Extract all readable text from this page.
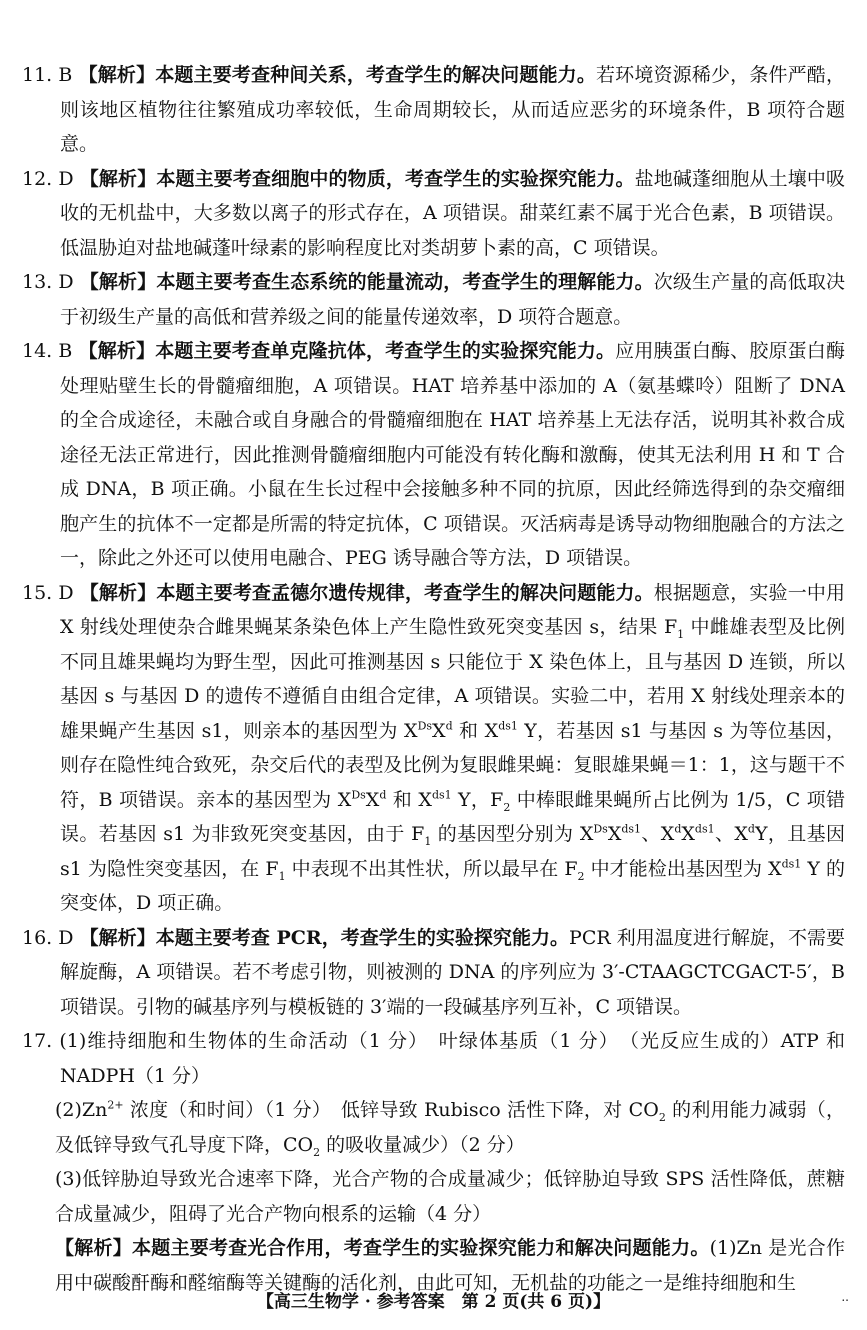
11. B 【解析】本题主要考查种间关系，考查学生的解决问题能力。若环境资源稀少，条件严酷，则该地区植物往往繁殖成功率较低，生命周期较长，从而适应恶劣的环境条件，B 项符合题意。

12. D 【解析】本题主要考查细胞中的物质，考查学生的实验探究能力。盐地碱蓬细胞从土壤中吸收的无机盐中，大多数以离子的形式存在，A 项错误。甜菜红素不属于光合色素，B 项错误。低温胁迫对盐地碱蓬叶绿素的影响程度比对类胡萝卜素的高，C 项错误。

13. D 【解析】本题主要考查生态系统的能量流动，考查学生的理解能力。次级生产量的高低取决于初级生产量的高低和营养级之间的能量传递效率，D 项符合题意。

14. B 【解析】本题主要考查单克隆抗体，考查学生的实验探究能力。应用胰蛋白酶、胶原蛋白酶处理贴壁生长的骨髓瘤细胞，A 项错误。HAT 培养基中添加的 A（氨基蝶呤）阻断了 DNA 的全合成途径，未融合或自身融合的骨髓瘤细胞在 HAT 培养基上无法存活，说明其补救合成途径无法正常进行，因此推测骨髓瘤细胞内可能没有转化酶和激酶，使其无法利用 H 和 T 合成 DNA，B 项正确。小鼠在生长过程中会接触多种不同的抗原，因此经筛选得到的杂交瘤细胞产生的抗体不一定都是所需的特定抗体，C 项错误。灭活病毒是诱导动物细胞融合的方法之一，除此之外还可以使用电融合、PEG 诱导融合等方法，D 项错误。

15. D 【解析】本题主要考查孟德尔遗传规律，考查学生的解决问题能力。根据题意，实验一中用 X 射线处理使杂合雌果蝇某条染色体上产生隐性致死突变基因 s，结果 $F_1$ 中雌雄表型及比例不同且雄果蝇均为野生型，因此可推测基因 s 只能位于 X 染色体上，且与基因 D 连锁，所以基因 s 与基因 D 的遗传不遵循自由组合定律，A 项错误。实验二中，若用 X 射线处理亲本的雄果蝇产生基因 s1，则亲本的基因型为 $X^{Ds}X^d$ 和 $X^{ds1}$ Y，若基因 s1 与基因 s 为等位基因，则存在隐性纯合致死，杂交后代的表型及比例为复眼雌果蝇：复眼雄果蝇＝1：1，这与题干不符，B 项错误。亲本的基因型为 $X^{Ds}X^d$ 和 $X^{ds1}$ Y，$F_2$ 中棒眼雌果蝇所占比例为 1/5，C 项错误。若基因 s1 为非致死突变基因，由于 $F_1$ 的基因型分别为 $X^{Ds}X^{ds1}$、$X^dX^{ds1}$、$X^dY$，且基因 s1 为隐性突变基因，在 $F_1$ 中表现不出其性状，所以最早在 $F_2$ 中才能检出基因型为 $X^{ds1}$ Y 的突变体，D 项正确。

16. D 【解析】本题主要考查 PCR，考查学生的实验探究能力。PCR 利用温度进行解旋，不需要解旋酶，A 项错误。若不考虑引物，则被测的 DNA 的序列应为 3′-CTAAGCTCGACT-5′，B 项错误。引物的碱基序列与模板链的 3′端的一段碱基序列互补，C 项错误。

17. (1)维持细胞和生物体的生命活动（1 分）　叶绿体基质（1 分）　（光反应生成的）ATP 和 NADPH（1 分）

$(2)Zn^{2+}$ 浓度（和时间）（1 分）　低锌导致 Rubisco 活性下降，对 $CO_2$ 的利用能力减弱（，及低锌导致气孔导度下降，$CO_2$ 的吸收量减少）（2 分）

(3)低锌胁迫导致光合速率下降，光合产物的合成量减少；低锌胁迫导致 SPS 活性降低，蔗糖合成量减少，阻碍了光合产物向根系的运输（4 分）

【解析】本题主要考查光合作用，考查学生的实验探究能力和解决问题能力。(1)Zn 是光合作用中碳酸酐酶和醛缩酶等关键酶的活化剂，由此可知，无机盐的功能之一是维持细胞和生

【高三生物学 · 参考答案　第 2 页(共 6 页)】	..
